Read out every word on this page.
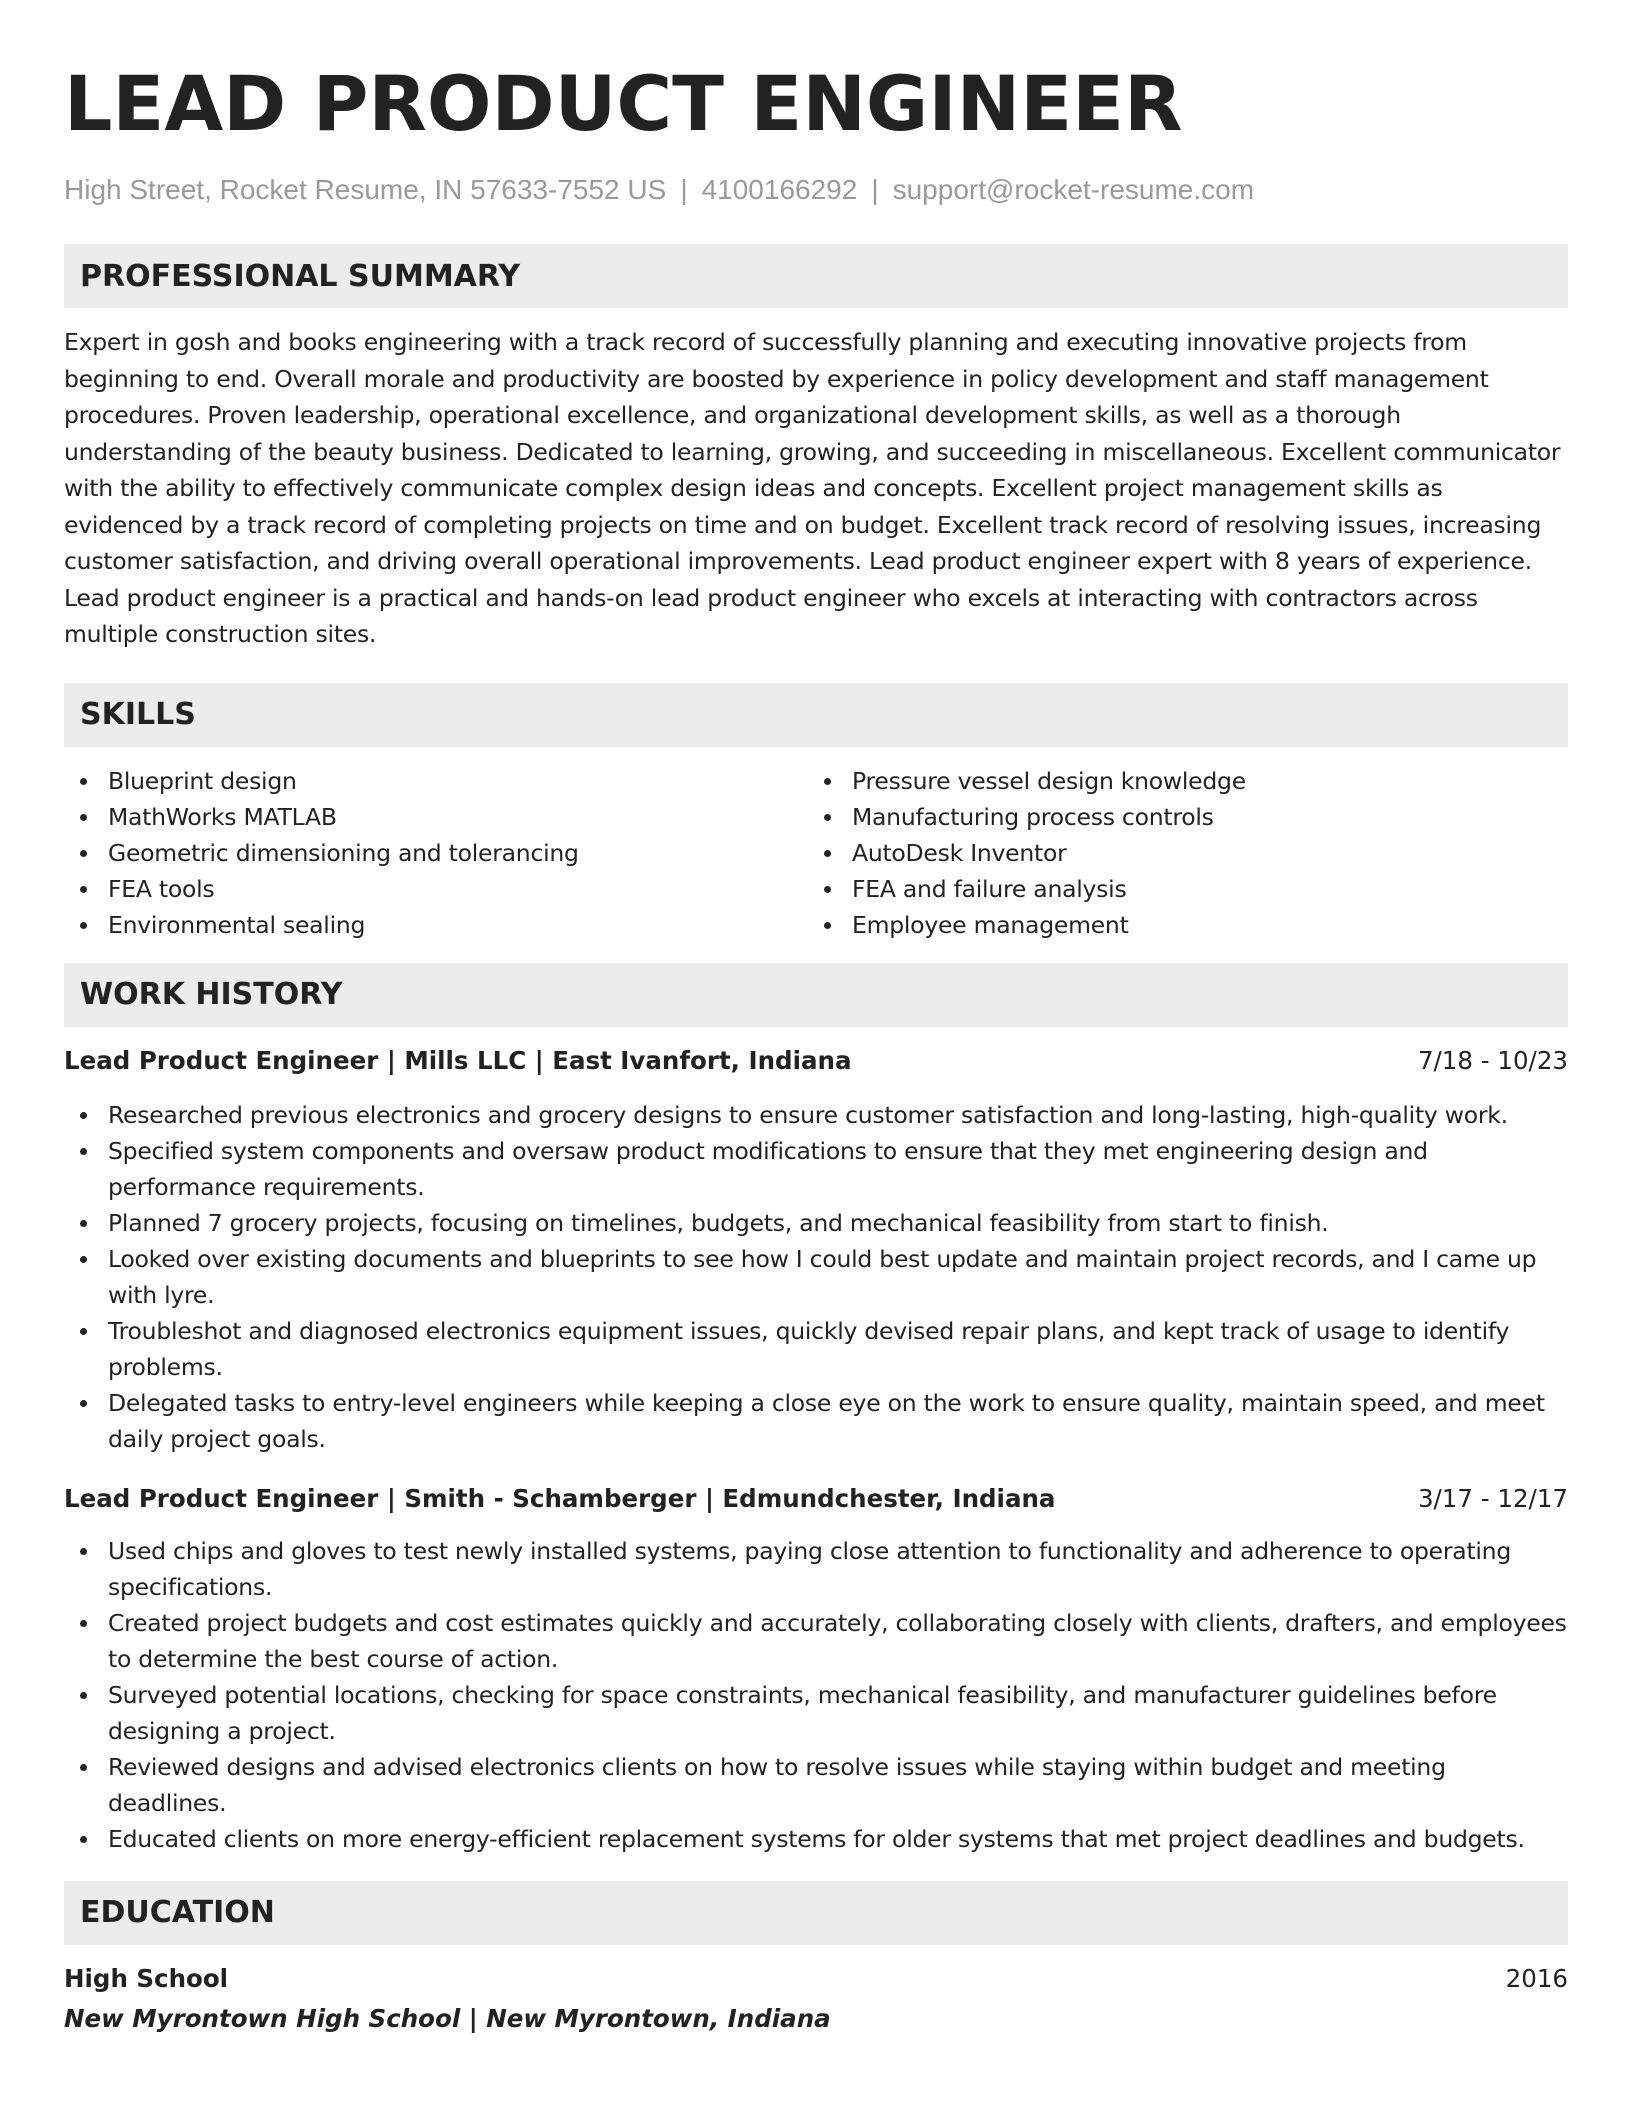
LEAD PRODUCT ENGINEER
High Street, Rocket Resume, IN 57633-7552 US | 4100166292 | support@rocket-resume.com
PROFESSIONAL SUMMARY

Expert in gosh and books engineering with a track record of successfully planning and executing innovative projects from beginning to end. Overall morale and productivity are boosted by experience in policy development and staff management procedures. Proven leadership, operational excellence, and organizational development skills, as well as a thorough understanding of the beauty business. Dedicated to learning, growing, and succeeding in miscellaneous. Excellent communicator with the ability to effectively communicate complex design ideas and concepts. Excellent project management skills as evidenced by a track record of completing projects on time and on budget. Excellent track record of resolving issues, increasing customer satisfaction, and driving overall operational improvements. Lead product engineer expert with 8 years of experience. Lead product engineer is a practical and hands-on lead product engineer who excels at interacting with contractors across multiple construction sites.

SKILLS
Blueprint design
MathWorks MATLAB
Geometric dimensioning and tolerancing
FEA tools
Environmental sealing
Pressure vessel design knowledge
Manufacturing process controls
AutoDesk Inventor
FEA and failure analysis
Employee management
WORK HISTORY
Lead Product Engineer | Mills LLC | East Ivanfort, Indiana	7/18 - 10/23
Researched previous electronics and grocery designs to ensure customer satisfaction and long-lasting, high-quality work.
Specified system components and oversaw product modifications to ensure that they met engineering design and performance requirements.
Planned 7 grocery projects, focusing on timelines, budgets, and mechanical feasibility from start to finish.
Looked over existing documents and blueprints to see how I could best update and maintain project records, and I came up with lyre.
Troubleshot and diagnosed electronics equipment issues, quickly devised repair plans, and kept track of usage to identify problems.
Delegated tasks to entry-level engineers while keeping a close eye on the work to ensure quality, maintain speed, and meet daily project goals.
Lead Product Engineer | Smith - Schamberger | Edmundchester, Indiana	3/17 - 12/17
Used chips and gloves to test newly installed systems, paying close attention to functionality and adherence to operating specifications.
Created project budgets and cost estimates quickly and accurately, collaborating closely with clients, drafters, and employees to determine the best course of action.
Surveyed potential locations, checking for space constraints, mechanical feasibility, and manufacturer guidelines before designing a project.
Reviewed designs and advised electronics clients on how to resolve issues while staying within budget and meeting deadlines.
Educated clients on more energy-efficient replacement systems for older systems that met project deadlines and budgets.
EDUCATION
High School	2016
New Myrontown High School | New Myrontown, Indiana
